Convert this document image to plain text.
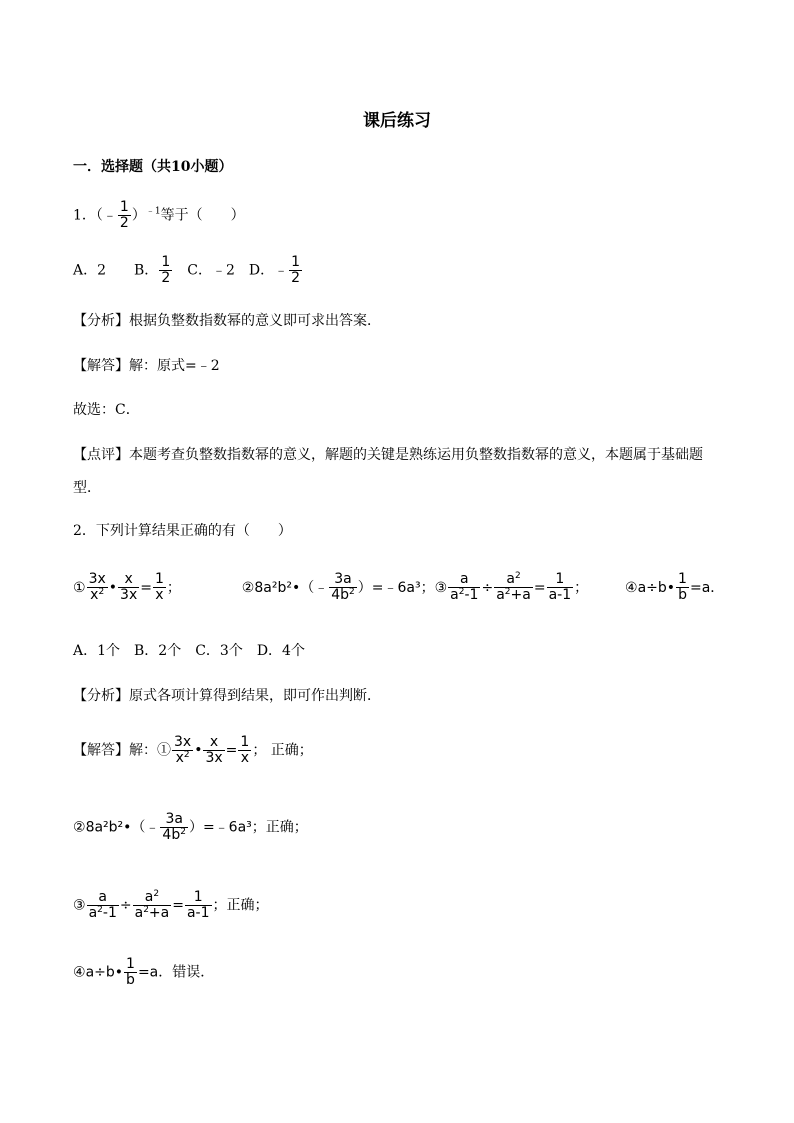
课后练习
一．选择题（共10小题）
1．（﹣ $\frac{1}{2} )^{﹣1}$等于（　　）
A．2　　B． $\frac{1}{2}$ 　C．﹣2　D．﹣ $\frac{1}{2}$
【分析】根据负整数指数幂的意义即可求出答案．
【解答】解：原式=﹣2
故选：C．
【点评】本题考查负整数指数幂的意义，解题的关键是熟练运用负整数指数幂的意义，本题属于基础题
型．
2．下列计算结果正确的有（　　）
① $\frac{3x}{x^2}$ • $\frac{x}{3x} = \frac{1}{x}$ ；	②8a²b²•（﹣ $\frac{3a}{4b^2}$ ）=﹣6a³；③ $\frac{a}{a^2-1} \div \frac{a^2}{a^2+a} = \frac{1}{a-1}$ ；	④a÷b• $\frac{1}{b} =a$．
A．1个　B．2个　C．3个　D．4个
【分析】原式各项计算得到结果，即可作出判断．
【解答】解：① $\frac{3x}{x^2}$ • $\frac{x}{3x} = \frac{1}{x}$ ； 正确；
②8a²b²•（﹣ $\frac{3a}{4b^2}$ ）=﹣6a³；正确；
③ $\frac{a}{a^2-1} \div \frac{a^2}{a^2+a} = \frac{1}{a-1}$ ；正确；
④a÷b• $\frac{1}{b} =a$．错误．
